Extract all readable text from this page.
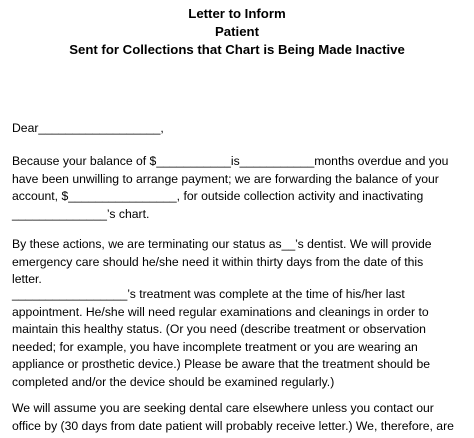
Letter to Inform
Patient
Sent for Collections that Chart is Being Made Inactive
Dear__________________,
Because your balance of $___________is___________months overdue and you
have been unwilling to arrange payment; we are forwarding the balance of your
account, $________________, for outside collection activity and inactivating
______________’s chart.
By these actions, we are terminating our status as__’s dentist. We will provide
emergency care should he/she need it within thirty days from the date of this
letter.
_________________’s treatment was complete at the time of his/her last
appointment. He/she will need regular examinations and cleanings in order to
maintain this healthy status. (Or you need (describe treatment or observation
needed; for example, you have incomplete treatment or you are wearing an
appliance or prosthetic device.) Please be aware that the treatment should be
completed and/or the device should be examined regularly.)
We will assume you are seeking dental care elsewhere unless you contact our
office by (30 days from date patient will probably receive letter.) We, therefore, are
